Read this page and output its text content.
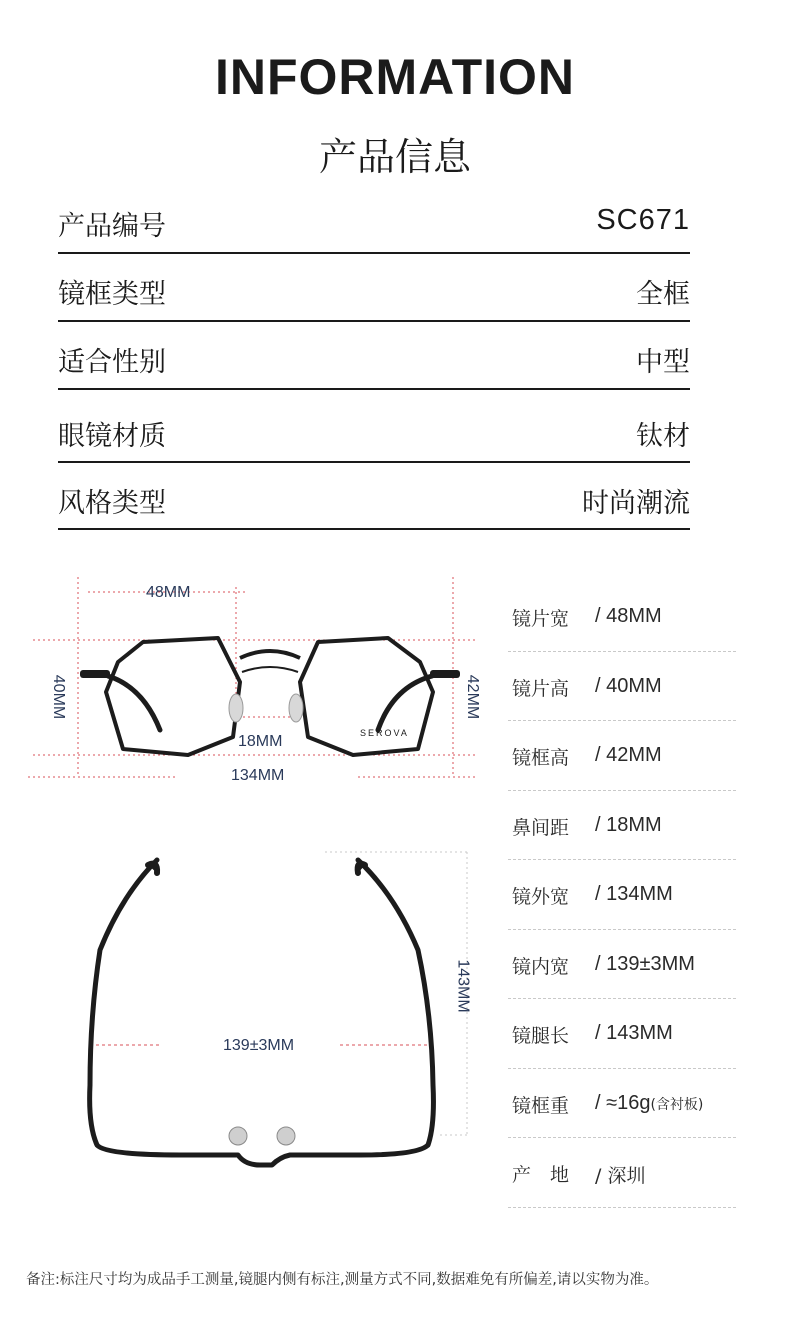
INFORMATION
产品信息
产品编号	SC671
镜框类型	全框
适合性别	中型
眼镜材质	钛材
风格类型	时尚潮流
SEROVA
48MM
40MM	42MM
18MM
134MM
139±3MM
143MM
镜片宽 / 48MM
镜片高 / 40MM
镜框高 / 42MM
鼻间距 / 18MM
镜外宽 / 134MM
镜内宽 / 139±3MM
镜腿长 / 143MM
镜框重 / ≈16g(含衬板)
产　地 / 深圳
备注:标注尺寸均为成品手工测量,镜腿内侧有标注,测量方式不同,数据难免有所偏差,请以实物为准。
